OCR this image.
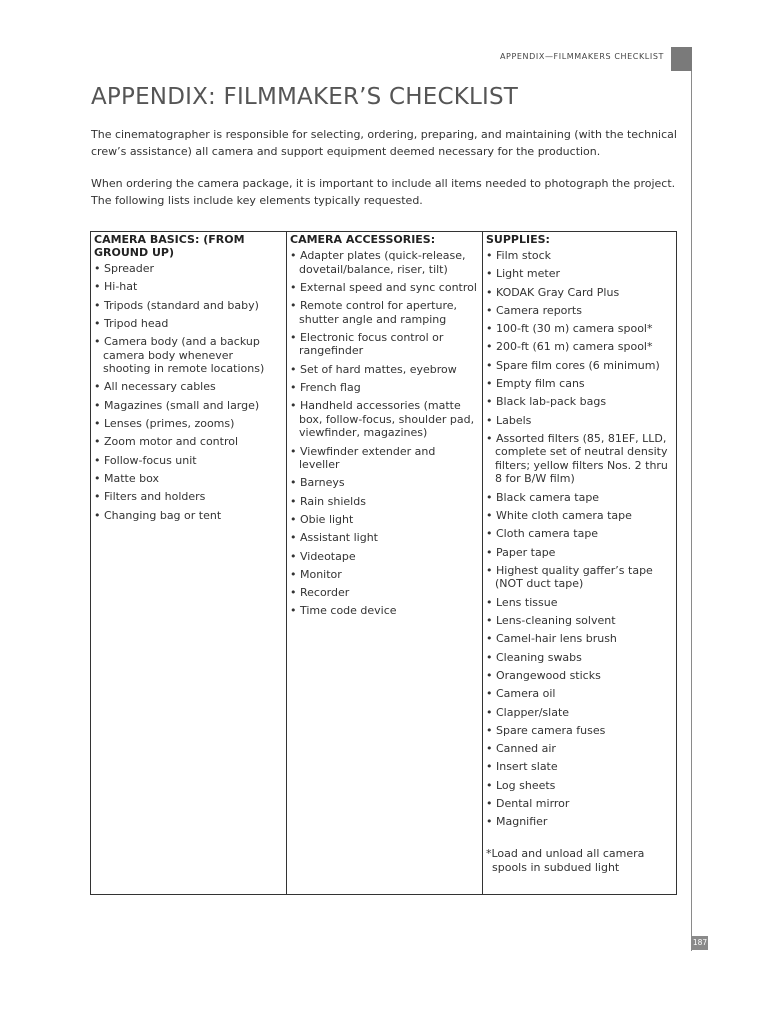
APPENDIX—FILMMAKERS CHECKLIST
187
APPENDIX: FILMMAKER’S CHECKLIST

The cinematographer is responsible for selecting, ordering, preparing, and maintaining (with the technical crew’s assistance) all camera and support equipment deemed necessary for the production.

When ordering the camera package, it is important to include all items needed to photograph the project. The following lists include key elements typically requested.

CAMERA BASICS: (FROM GROUND UP)
• Spreader
• Hi-hat
• Tripods (standard and baby)
• Tripod head
• Camera body (and a backup camera body whenever shooting in remote locations)
• All necessary cables
• Magazines (small and large)
• Lenses (primes, zooms)
• Zoom motor and control
• Follow-focus unit
• Matte box
• Filters and holders
• Changing bag or tent
CAMERA ACCESSORIES:
• Adapter plates (quick-release, dovetail/balance, riser, tilt)
• External speed and sync control
• Remote control for aperture, shutter angle and ramping
• Electronic focus control or rangefinder
• Set of hard mattes, eyebrow
• French flag
• Handheld accessories (matte box, follow-focus, shoulder pad, viewfinder, magazines)
• Viewfinder extender and leveller
• Barneys
• Rain shields
• Obie light
• Assistant light
• Videotape
• Monitor
• Recorder
• Time code device
SUPPLIES:
• Film stock
• Light meter
• KODAK Gray Card Plus
• Camera reports
• 100-ft (30 m) camera spool*
• 200-ft (61 m) camera spool*
• Spare film cores (6 minimum)
• Empty film cans
• Black lab-pack bags
• Labels
• Assorted filters (85, 81EF, LLD, complete set of neutral density filters; yellow filters Nos. 2 thru 8 for B/W film)
• Black camera tape
• White cloth camera tape
• Cloth camera tape
• Paper tape
• Highest quality gaffer’s tape (NOT duct tape)
• Lens tissue
• Lens-cleaning solvent
• Camel-hair lens brush
• Cleaning swabs
• Orangewood sticks
• Camera oil
• Clapper/slate
• Spare camera fuses
• Canned air
• Insert slate
• Log sheets
• Dental mirror
• Magnifier
*Load and unload all camera spools in subdued light
